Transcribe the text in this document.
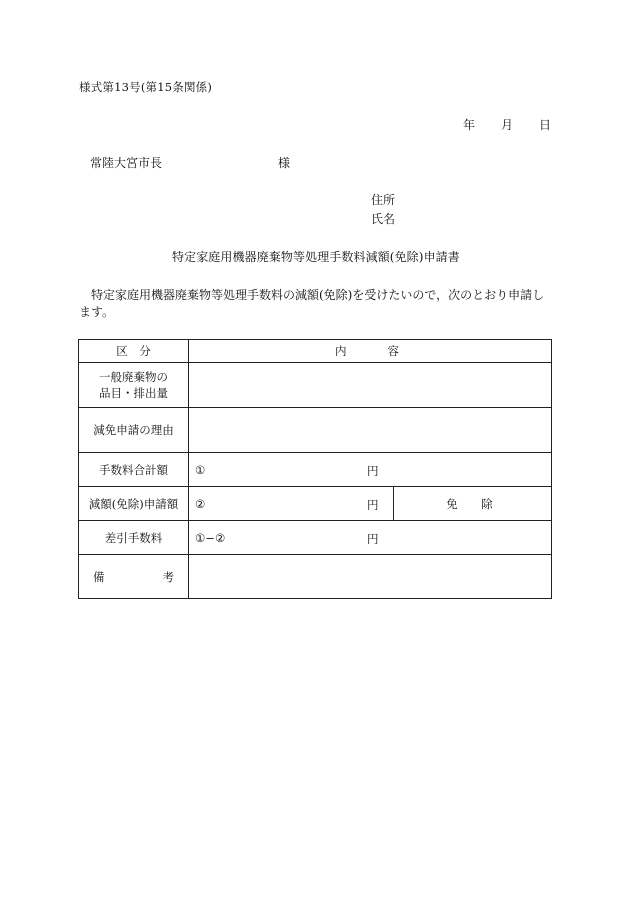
様式第13号(第15条関係)
年 月 日
常陸大宮市長	様
住所
氏名
特定家庭用機器廃棄物等処理手数料減額(免除)申請書
特定家庭用機器廃棄物等処理手数料の減額(免除)を受けたいので，次のとおり申請します。
区　分	内　　容	

一般廃棄物の
品目・排出量		

減免申請の理由		
手数料合計額	① 円	

減額(免除)申請額	② 円	免　除
差引手数料	①−② 円	

備 考		
